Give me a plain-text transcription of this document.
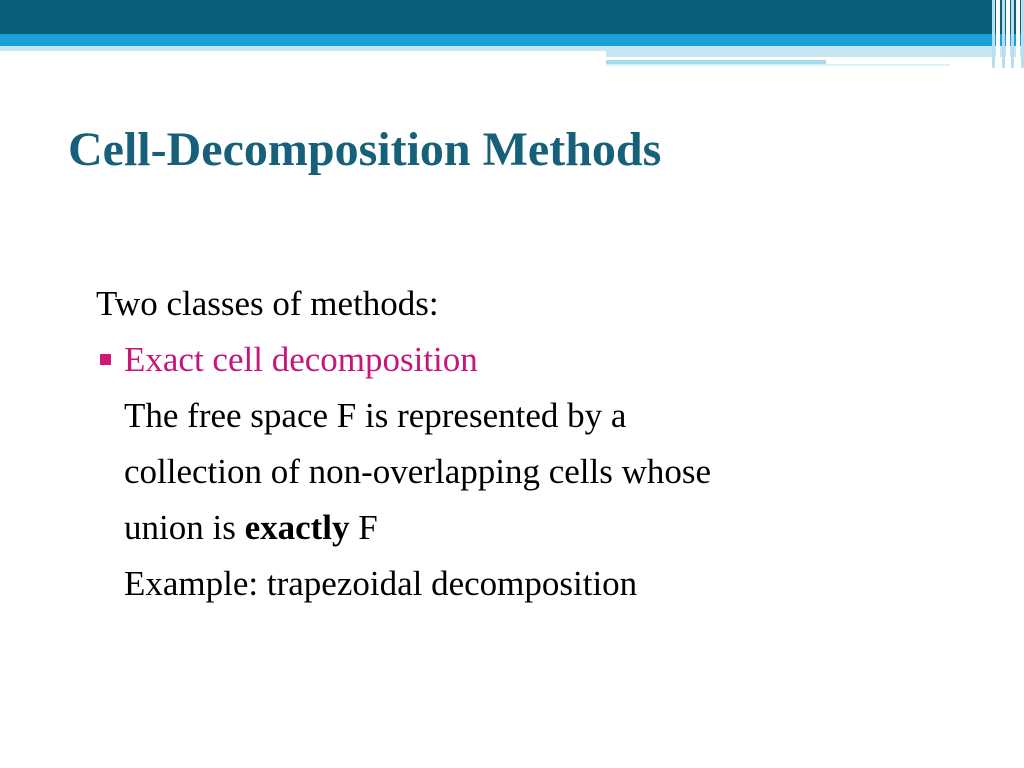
Cell-Decomposition Methods

Two classes of methods:

Exact cell decomposition
The free space F is represented by a
collection of non-overlapping cells whose
union is exactly F
Example: trapezoidal decomposition
